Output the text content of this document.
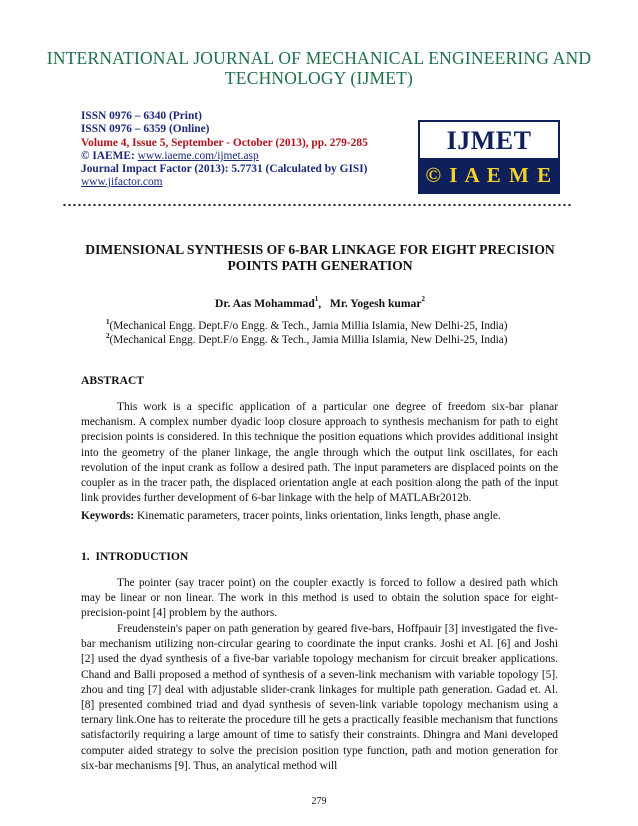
INTERNATIONAL JOURNAL OF MECHANICAL ENGINEERING AND TECHNOLOGY (IJMET)
ISSN 0976 – 6340 (Print)
ISSN 0976 – 6359 (Online)
Volume 4, Issue 5, September - October (2013), pp. 279-285
© IAEME: www.iaeme.com/ijmet.asp
Journal Impact Factor (2013): 5.7731 (Calculated by GISI)
www.jifactor.com
IJMET
© I A E M E
DIMENSIONAL SYNTHESIS OF 6-BAR LINKAGE FOR EIGHT PRECISION POINTS PATH GENERATION
Dr. Aas Mohammad$^1$, Mr. Yogesh kumar$^2$
$^1$(Mechanical Engg. Dept.F/o Engg. & Tech., Jamia Millia Islamia, New Delhi-25, India)
$^2$(Mechanical Engg. Dept.F/o Engg. & Tech., Jamia Millia Islamia, New Delhi-25, India)
ABSTRACT
This work is a specific application of a particular one degree of freedom six-bar planar mechanism. A complex number dyadic loop closure approach to synthesis mechanism for path to eight precision points is considered. In this technique the position equations which provides additional insight into the geometry of the planer linkage, the angle through which the output link oscillates, for each revolution of the input crank as follow a desired path. The input parameters are displaced points on the coupler as in the tracer path, the displaced orientation angle at each position along the path of the input link provides further development of 6-bar linkage with the help of MATLABr2012b.
Keywords: Kinematic parameters, tracer points, links orientation, links length, phase angle.
1.  INTRODUCTION
The pointer (say tracer point) on the coupler exactly is forced to follow a desired path which may be linear or non linear. The work in this method is used to obtain the solution space for eight-precision-point [4] problem by the authors.
Freudenstein's paper on path generation by geared five-bars, Hoffpauir [3] investigated the five-bar mechanism utilizing non-circular gearing to coordinate the input cranks. Joshi et Al. [6] and Joshi [2] used the dyad synthesis of a five-bar variable topology mechanism for circuit breaker applications. Chand and Balli proposed a method of synthesis of a seven-link mechanism with variable topology [5]. zhou and ting [7] deal with adjustable slider-crank linkages for multiple path generation. Gadad et. Al. [8] presented combined triad and dyad synthesis of seven-link variable topology mechanism using a ternary link.One has to reiterate the procedure till he gets a practically feasible mechanism that functions satisfactorily requiring a large amount of time to satisfy their constraints. Dhingra and Mani developed computer aided strategy to solve the precision position type function, path and motion generation for six-bar mechanisms [9]. Thus, an analytical method will
279
